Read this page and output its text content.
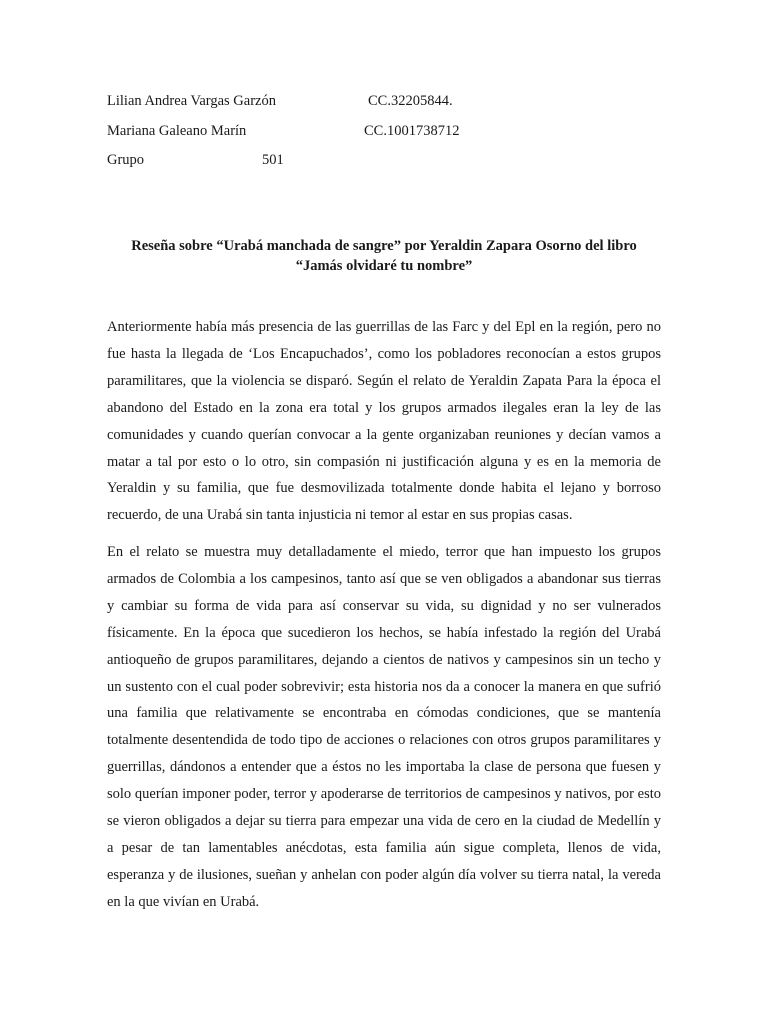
Lilian Andrea Vargas Garzón	CC.32205844.
Mariana Galeano Marín	CC.1001738712
Grupo	501
Reseña sobre “Urabá manchada de sangre” por Yeraldin Zapara Osorno del libro
“Jamás olvidaré tu nombre”

Anteriormente había más presencia de las guerrillas de las Farc y del Epl en la región, pero no fue hasta la llegada de ‘Los Encapuchados’, como los pobladores reconocían a estos grupos paramilitares, que la violencia se disparó. Según el relato de Yeraldin Zapata Para la época el abandono del Estado en la zona era total y los grupos armados ilegales eran la ley de las comunidades y cuando querían convocar a la gente organizaban reuniones y decían vamos a matar a tal por esto o lo otro, sin compasión ni justificación alguna y es en la memoria de Yeraldin y su familia, que fue desmovilizada totalmente donde habita el lejano y borroso recuerdo, de una Urabá sin tanta injusticia ni temor al estar en sus propias casas.

En el relato se muestra muy detalladamente el miedo, terror que han impuesto los grupos armados de Colombia a los campesinos, tanto así que se ven obligados a abandonar sus tierras y cambiar su forma de vida para así conservar su vida, su dignidad y no ser vulnerados físicamente. En la época que sucedieron los hechos, se había infestado la región del Urabá antioqueño de grupos paramilitares, dejando a cientos de nativos y campesinos sin un techo y un sustento con el cual poder sobrevivir; esta historia nos da a conocer la manera en que sufrió una familia que relativamente se encontraba en cómodas condiciones, que se mantenía totalmente desentendida de todo tipo de acciones o relaciones con otros grupos paramilitares y guerrillas, dándonos a entender que a éstos no les importaba la clase de persona que fuesen y solo querían imponer poder, terror y apoderarse de territorios de campesinos y nativos, por esto se vieron obligados a dejar su tierra para empezar una vida de cero en la ciudad de Medellín y a pesar de tan lamentables anécdotas, esta familia aún sigue completa, llenos de vida, esperanza y de ilusiones, sueñan y anhelan con poder algún día volver su tierra natal, la vereda en la que vivían en Urabá.
